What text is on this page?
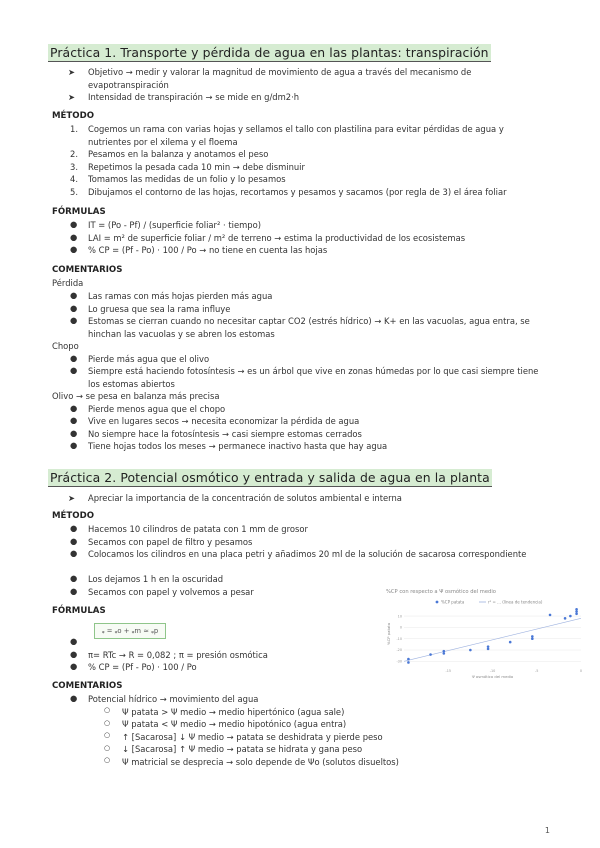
Práctica 1. Transporte y pérdida de agua en las plantas: transpiración
➤ Objetivo → medir y valorar la magnitud de movimiento de agua a través del mecanismo de evapotranspiración
➤ Intensidad de transpiración → se mide en g/dm2·h
MÉTODO
1. Cogemos un rama con varias hojas y sellamos el tallo con plastilina para evitar pérdidas de agua y nutrientes por el xilema y el floema
2. Pesamos en la balanza y anotamos el peso
3. Repetimos la pesada cada 10 min → debe disminuir
4. Tomamos las medidas de un folio y lo pesamos
5. Dibujamos el contorno de las hojas, recortamos y pesamos y sacamos (por regla de 3) el área foliar
FÓRMULAS
● IT = (Po - Pf) / (superficie foliar² · tiempo)
● LAI = m² de superficie foliar / m² de terreno → estima la productividad de los ecosistemas
● % CP = (Pf - Po) · 100 / Po → no tiene en cuenta las hojas
COMENTARIOS
Pérdida
● Las ramas con más hojas pierden más agua
● Lo gruesa que sea la rama influye
● Estomas se cierran cuando no necesitar captar CO2 (estrés hídrico) → K+ en las vacuolas, agua entra, se hinchan las vacuolas y se abren los estomas
Chopo
● Pierde más agua que el olivo
● Siempre está haciendo fotosíntesis → es un árbol que vive en zonas húmedas por lo que casi siempre tiene los estomas abiertos
Olivo → se pesa en balanza más precisa
● Pierde menos agua que el chopo
● Vive en lugares secos → necesita economizar la pérdida de agua
● No siempre hace la fotosíntesis → casi siempre estomas cerrados
● Tiene hojas todos los meses → permanece inactivo hasta que hay agua
Práctica 2. Potencial osmótico y entrada y salida de agua en la planta
➤ Apreciar la importancia de la concentración de solutos ambiental e interna
MÉTODO
● Hacemos 10 cilindros de patata con 1 mm de grosor
● Secamos con papel de filtro y pesamos
● Colocamos los cilindros en una placa petri y añadimos 20 ml de la solución de sacarosa correspondiente
● Los dejamos 1 h en la oscuridad
● Secamos con papel y volvemos a pesar
FÓRMULAS
ᵩ = ᵩo + ᵩm ≈ ᵩp
●
● π= RTc → R = 0,082 ; π = presión osmótica
● % CP = (Pf - Po) · 100 / Po
COMENTARIOS
● Potencial hídrico → movimiento del agua
○ Ψ patata > Ψ medio → medio hipertónico (agua sale)
○ Ψ patata < Ψ medio → medio hipotónico (agua entra)
○ ↑ [Sacarosa] ↓ Ψ medio → patata se deshidrata y pierde peso
○ ↓ [Sacarosa] ↑ Ψ medio → patata se hidrata y gana peso
○ Ψ matricial se desprecia → solo depende de Ψo (solutos disueltos)
%CP con respecto a Ψ osmótico del medio
%CP patata	r² = ... (línea de tendencia)
10
0
-10
-20
-30
-15	-10	-5	0
%CP patata
Ψ osmótico del medio
1
